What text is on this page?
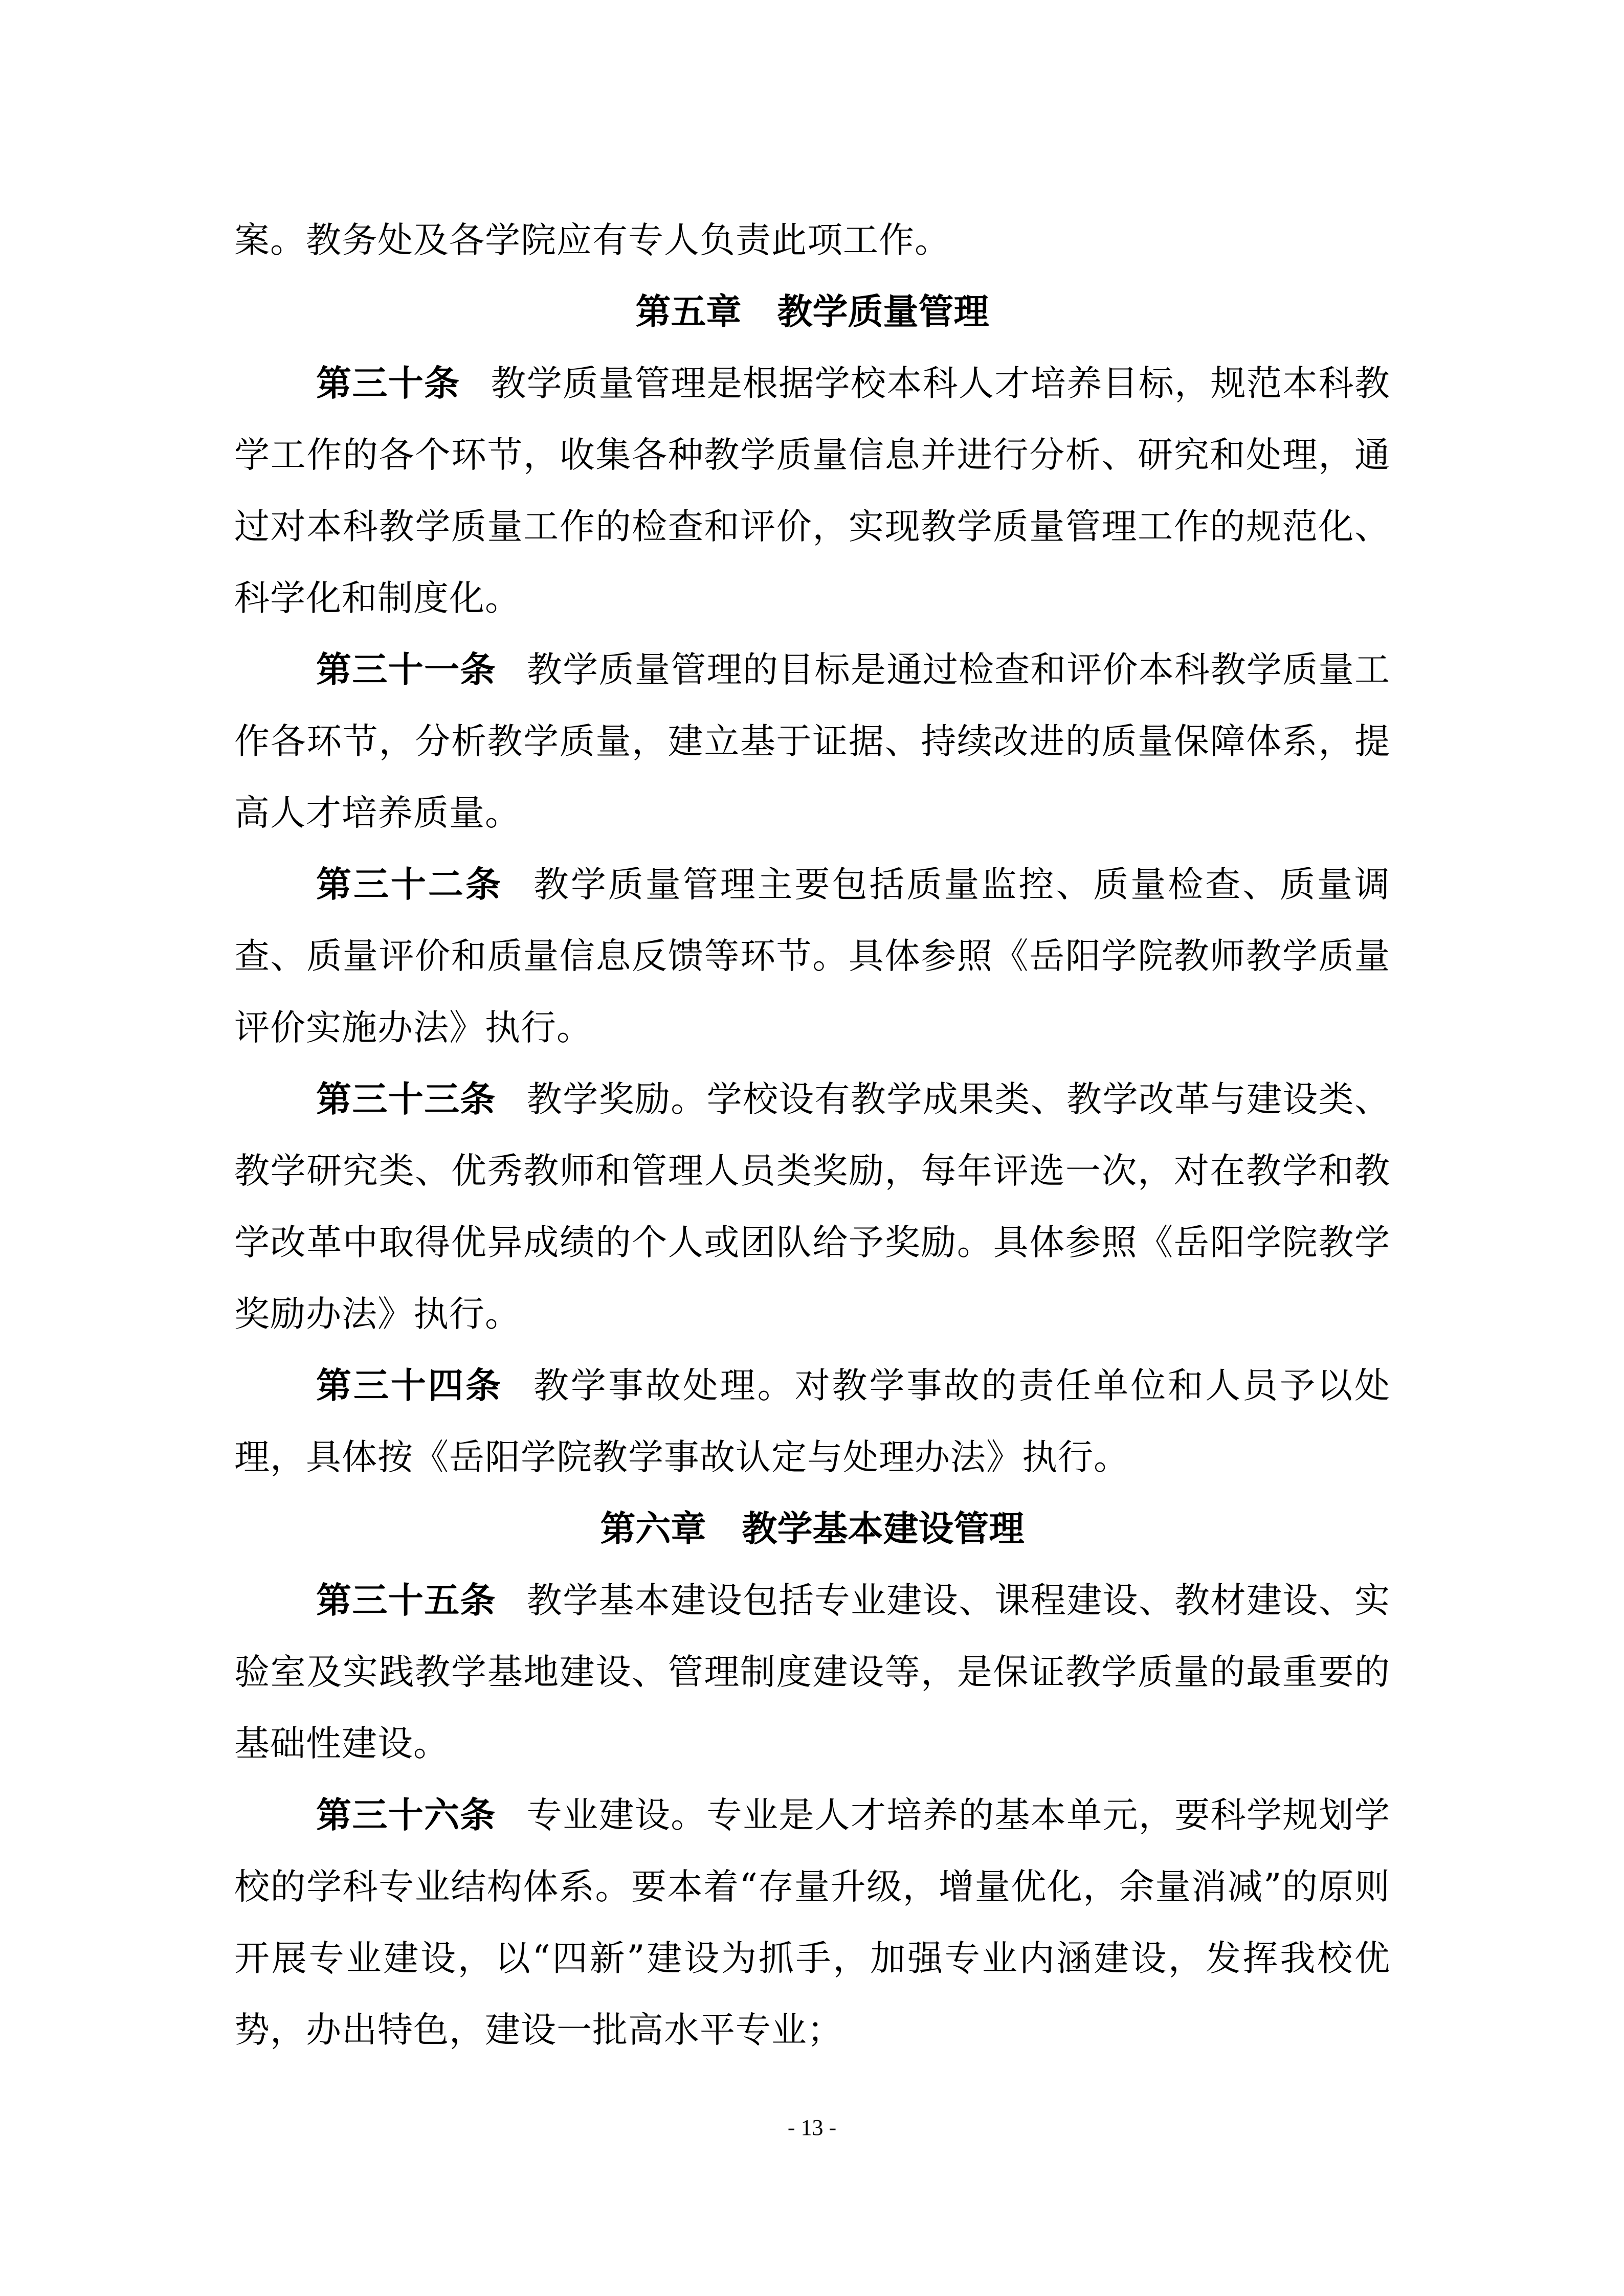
案。教务处及各学院应有专人负责此项工作。

第五章 教学质量管理

第三十条 教学质量管理是根据学校本科人才培养目标，规范本科教学工作的各个环节，收集各种教学质量信息并进行分析、研究和处理，通过对本科教学质量工作的检查和评价，实现教学质量管理工作的规范化、科学化和制度化。

第三十一条 教学质量管理的目标是通过检查和评价本科教学质量工作各环节，分析教学质量，建立基于证据、持续改进的质量保障体系，提高人才培养质量。

第三十二条 教学质量管理主要包括质量监控、质量检查、质量调查、质量评价和质量信息反馈等环节。具体参照《岳阳学院教师教学质量评价实施办法》执行。

第三十三条 教学奖励。学校设有教学成果类、教学改革与建设类、教学研究类、优秀教师和管理人员类奖励，每年评选一次，对在教学和教学改革中取得优异成绩的个人或团队给予奖励。具体参照《岳阳学院教学奖励办法》执行。

第三十四条 教学事故处理。对教学事故的责任单位和人员予以处理，具体按《岳阳学院教学事故认定与处理办法》执行。

第六章 教学基本建设管理

第三十五条 教学基本建设包括专业建设、课程建设、教材建设、实验室及实践教学基地建设、管理制度建设等，是保证教学质量的最重要的基础性建设。

第三十六条 专业建设。专业是人才培养的基本单元，要科学规划学校的学科专业结构体系。要本着“存量升级，增量优化，余量消减”的原则开展专业建设，以“四新”建设为抓手，加强专业内涵建设，发挥我校优势，办出特色，建设一批高水平专业；

- 13 -
